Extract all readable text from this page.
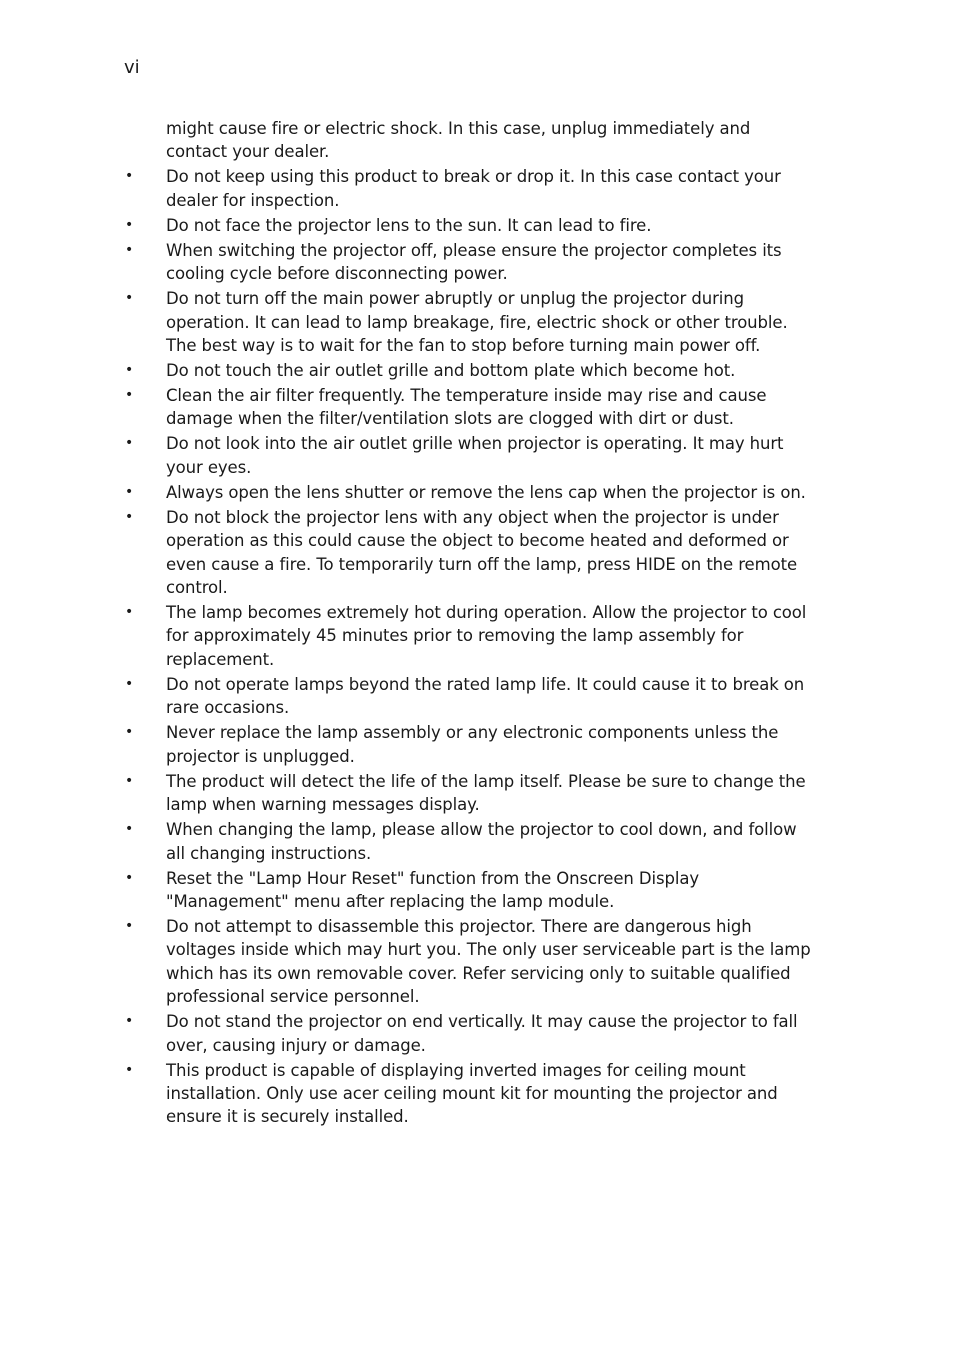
vi

might cause fire or electric shock. In this case, unplug immediately and contact your dealer.

• Do not keep using this product to break or drop it. In this case contact your dealer for inspection.
• Do not face the projector lens to the sun. It can lead to fire.
• When switching the projector off, please ensure the projector completes its cooling cycle before disconnecting power.
• Do not turn off the main power abruptly or unplug the projector during operation. It can lead to lamp breakage, fire, electric shock or other trouble. The best way is to wait for the fan to stop before turning main power off.
• Do not touch the air outlet grille and bottom plate which become hot.
• Clean the air filter frequently. The temperature inside may rise and cause damage when the filter/ventilation slots are clogged with dirt or dust.
• Do not look into the air outlet grille when projector is operating. It may hurt your eyes.
• Always open the lens shutter or remove the lens cap when the projector is on.
• Do not block the projector lens with any object when the projector is under operation as this could cause the object to become heated and deformed or even cause a fire. To temporarily turn off the lamp, press HIDE on the remote control.
• The lamp becomes extremely hot during operation. Allow the projector to cool for approximately 45 minutes prior to removing the lamp assembly for replacement.
• Do not operate lamps beyond the rated lamp life. It could cause it to break on rare occasions.
• Never replace the lamp assembly or any electronic components unless the projector is unplugged.
• The product will detect the life of the lamp itself. Please be sure to change the lamp when warning messages display.
• When changing the lamp, please allow the projector to cool down, and follow all changing instructions.
• Reset the "Lamp Hour Reset" function from the Onscreen Display "Management" menu after replacing the lamp module.
• Do not attempt to disassemble this projector. There are dangerous high voltages inside which may hurt you. The only user serviceable part is the lamp which has its own removable cover. Refer servicing only to suitable qualified professional service personnel.
• Do not stand the projector on end vertically. It may cause the projector to fall over, causing injury or damage.
• This product is capable of displaying inverted images for ceiling mount installation. Only use acer ceiling mount kit for mounting the projector and ensure it is securely installed.
